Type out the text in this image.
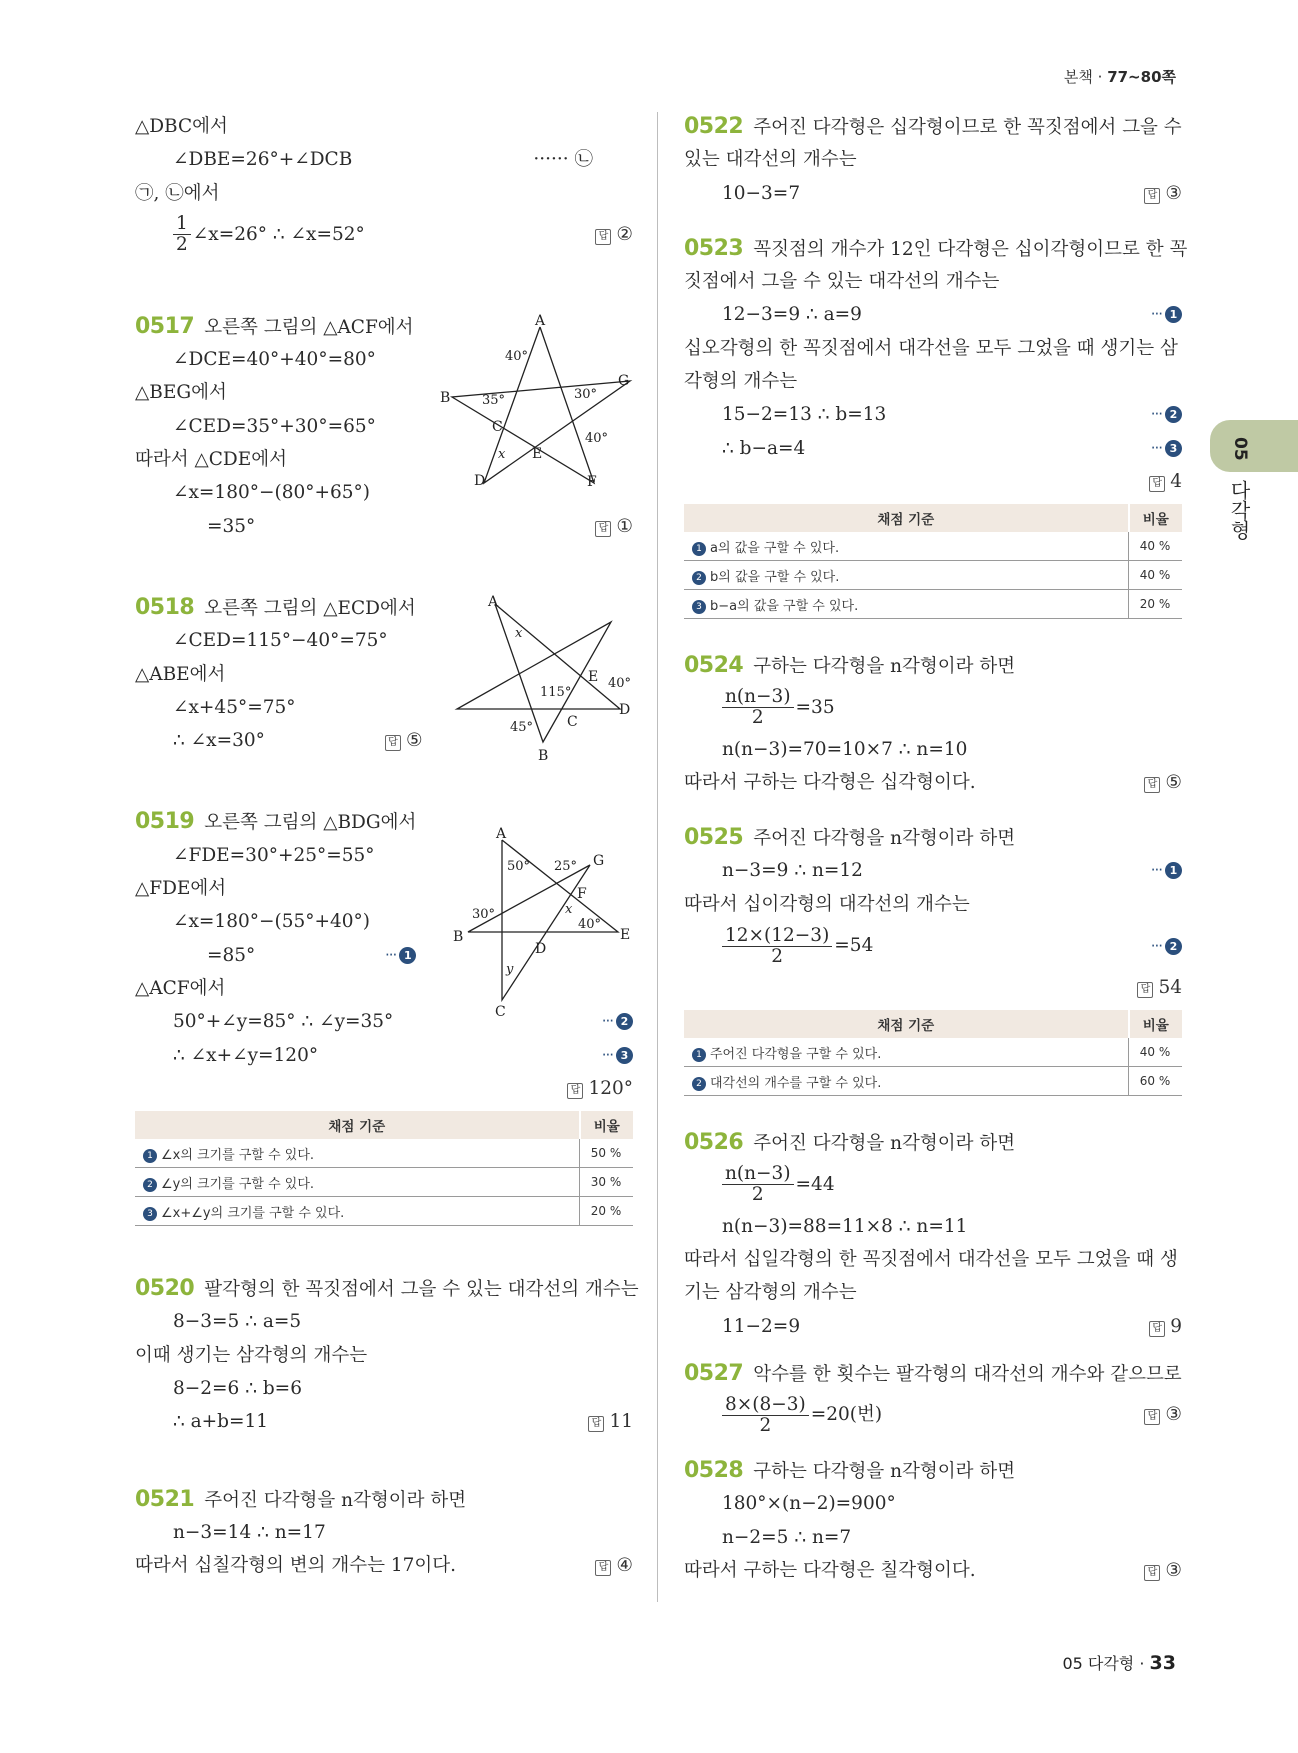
본책 · 77~80쪽
05
다각형
△DBC에서
∠DBE=26°+∠DCB	······ ㉡
㉠, ㉡에서
$\frac{1}{2}$ ∠x=26° ∴ ∠x=52°	답 ②
0517 오른쪽 그림의 △ACF에서
∠DCE=40°+40°=80°
△BEG에서
∠CED=35°+30°=65°
따라서 △CDE에서
∠x=180°−(80°+65°)
=35°	답 ①
0518 오른쪽 그림의 △ECD에서
∠CED=115°−40°=75°
△ABE에서
∠x+45°=75°
∴ ∠x=30°	답 ⑤
0519 오른쪽 그림의 △BDG에서
∠FDE=30°+25°=55°
△FDE에서
∠x=180°−(55°+40°)
=85°	··· 1
△ACF에서
50°+∠y=85° ∴ ∠y=35°	··· 2
∴ ∠x+∠y=120°	··· 3
답 120°
채점 기준	비율
1 ∠x의 크기를 구할 수 있다.	50 %
2 ∠y의 크기를 구할 수 있다.	30 %
3 ∠x+∠y의 크기를 구할 수 있다.	20 %
0520 팔각형의 한 꼭짓점에서 그을 수 있는 대각선의 개수는
8−3=5 ∴ a=5
이때 생기는 삼각형의 개수는
8−2=6 ∴ b=6
∴ a+b=11	답 11
0521 주어진 다각형을 n각형이라 하면
n−3=14 ∴ n=17
따라서 십칠각형의 변의 개수는 17이다.	답 ④
A
B
C
D
E
F
G
40°
35°	30°
40°
x
A
B
C
D
E
115°
45°
40°
x
A
B
C
D
E
F
G
50° 25°
30°
40°
x
y
0522 주어진 다각형은 십각형이므로 한 꼭짓점에서 그을 수
있는 대각선의 개수는
10−3=7	답 ③
0523 꼭짓점의 개수가 12인 다각형은 십이각형이므로 한 꼭
짓점에서 그을 수 있는 대각선의 개수는
12−3=9 ∴ a=9	··· 1
십오각형의 한 꼭짓점에서 대각선을 모두 그었을 때 생기는 삼
각형의 개수는
15−2=13 ∴ b=13	··· 2
∴ b−a=4	··· 3
답 4
채점 기준	비율
1 a의 값을 구할 수 있다.	40 %
2 b의 값을 구할 수 있다.	40 %
3 b−a의 값을 구할 수 있다.	20 %
0524 구하는 다각형을 n각형이라 하면
$\frac{n(n-3)}{2} =35$
n(n−3)=70=10×7 ∴ n=10
따라서 구하는 다각형은 십각형이다.	답 ⑤
0525 주어진 다각형을 n각형이라 하면
n−3=9 ∴ n=12	··· 1
따라서 십이각형의 대각선의 개수는
$\frac{12\times(12-3)}{2} =54$	··· 2
답 54
채점 기준	비율
1 주어진 다각형을 구할 수 있다.	40 %
2 대각선의 개수를 구할 수 있다.	60 %
0526 주어진 다각형을 n각형이라 하면
$\frac{n(n-3)}{2} =44$
n(n−3)=88=11×8 ∴ n=11
따라서 십일각형의 한 꼭짓점에서 대각선을 모두 그었을 때 생
기는 삼각형의 개수는
11−2=9	답 9
0527 악수를 한 횟수는 팔각형의 대각선의 개수와 같으므로
$\frac{8\times(8-3)}{2} =20$(번)	답 ③
0528 구하는 다각형을 n각형이라 하면
180°×(n−2)=900°
n−2=5 ∴ n=7
따라서 구하는 다각형은 칠각형이다.	답 ③
05 다각형 · 33
